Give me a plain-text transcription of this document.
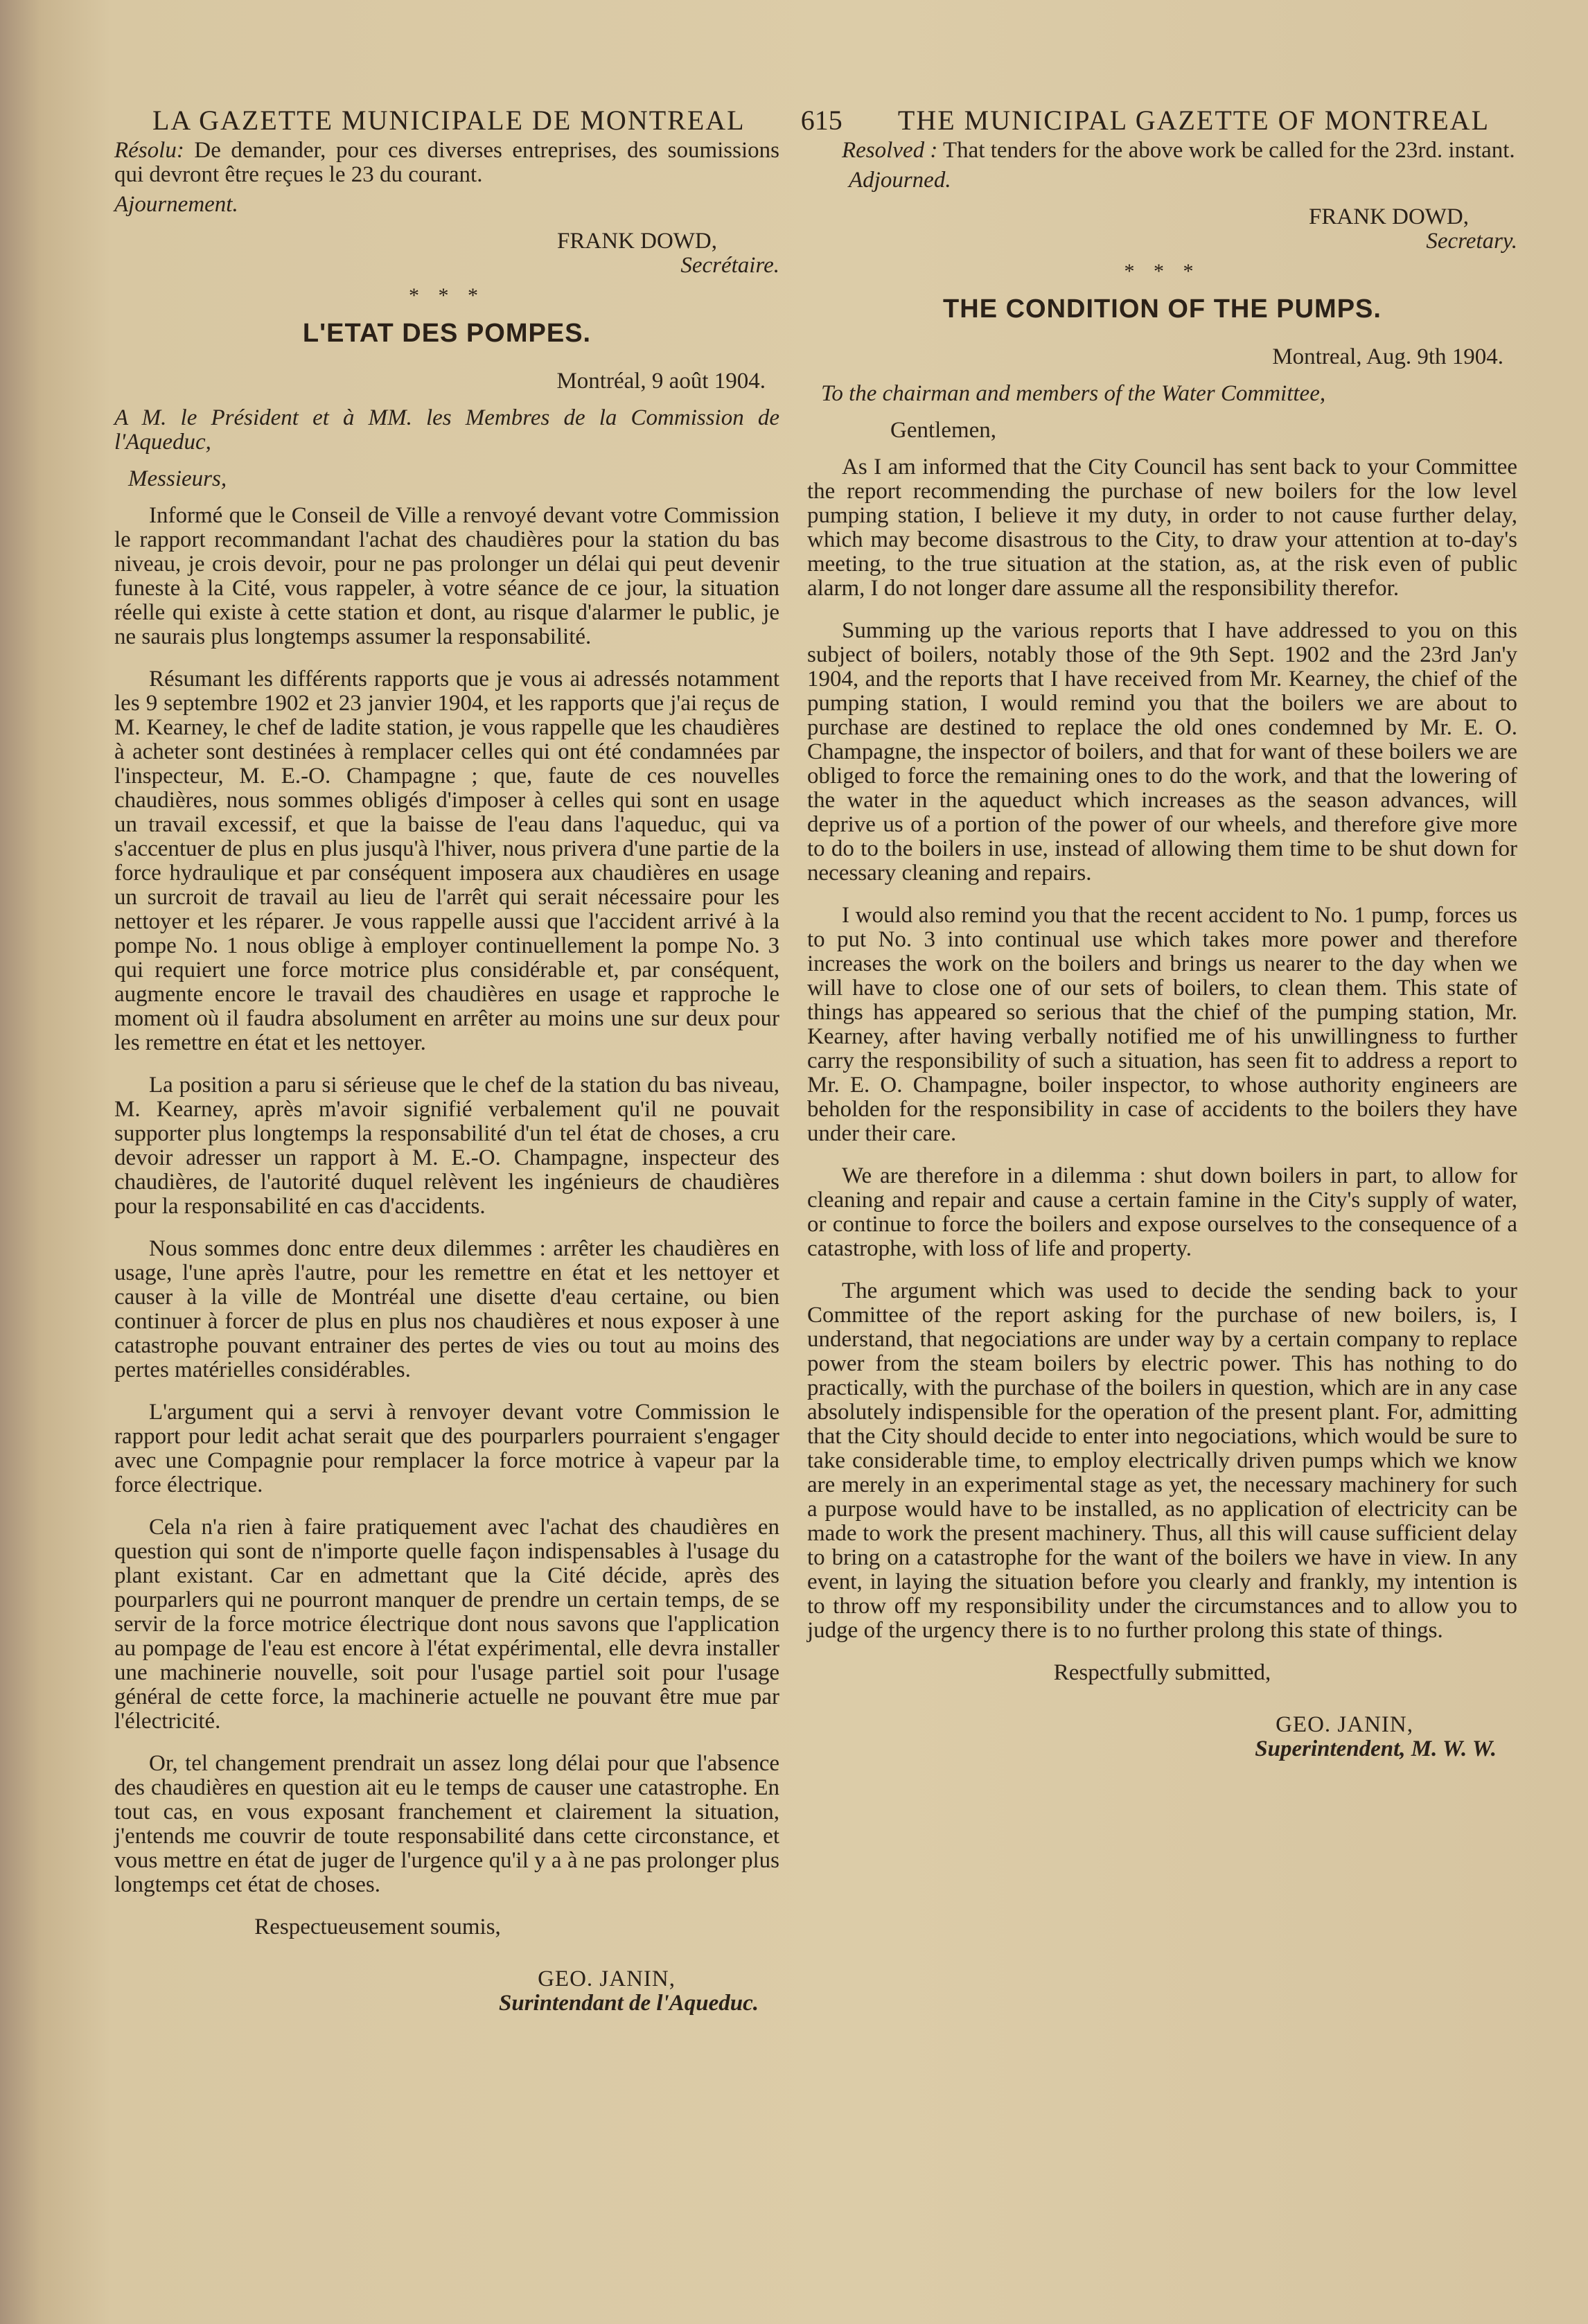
LA GAZETTE MUNICIPALE DE MONTREAL 615 THE MUNICIPAL GAZETTE OF MONTREAL

Résolu: De demander, pour ces diverses entreprises, des soumissions qui devront être reçues le 23 du courant.

Ajournement.
FRANK DOWD,
Secrétaire.
* * *
L'ETAT DES POMPES.
Montréal, 9 août 1904.
A M. le Président et à MM. les Membres de la Commission de l'Aqueduc,
Messieurs,

Informé que le Conseil de Ville a renvoyé devant votre Commission le rapport recommandant l'achat des chaudières pour la station du bas niveau, je crois devoir, pour ne pas prolonger un délai qui peut devenir funeste à la Cité, vous rappeler, à votre séance de ce jour, la situation réelle qui existe à cette station et dont, au risque d'alarmer le public, je ne saurais plus longtemps assumer la responsabilité.

Résumant les différents rapports que je vous ai adressés notamment les 9 septembre 1902 et 23 janvier 1904, et les rapports que j'ai reçus de M. Kearney, le chef de ladite station, je vous rappelle que les chaudières à acheter sont destinées à remplacer celles qui ont été condamnées par l'inspecteur, M. E.-O. Champagne ; que, faute de ces nouvelles chaudières, nous sommes obligés d'imposer à celles qui sont en usage un travail excessif, et que la baisse de l'eau dans l'aqueduc, qui va s'accentuer de plus en plus jusqu'à l'hiver, nous privera d'une partie de la force hydraulique et par conséquent imposera aux chaudières en usage un surcroit de travail au lieu de l'arrêt qui serait nécessaire pour les nettoyer et les réparer. Je vous rappelle aussi que l'accident arrivé à la pompe No. 1 nous oblige à employer continuellement la pompe No. 3 qui requiert une force motrice plus considérable et, par conséquent, augmente encore le travail des chaudières en usage et rapproche le moment où il faudra absolument en arrêter au moins une sur deux pour les remettre en état et les nettoyer.

La position a paru si sérieuse que le chef de la station du bas niveau, M. Kearney, après m'avoir signifié verbalement qu'il ne pouvait supporter plus longtemps la responsabilité d'un tel état de choses, a cru devoir adresser un rapport à M. E.-O. Champagne, inspecteur des chaudières, de l'autorité duquel relèvent les ingénieurs de chaudières pour la responsabilité en cas d'accidents.

Nous sommes donc entre deux dilemmes : arrêter les chaudières en usage, l'une après l'autre, pour les remettre en état et les nettoyer et causer à la ville de Montréal une disette d'eau certaine, ou bien continuer à forcer de plus en plus nos chaudières et nous exposer à une catastrophe pouvant entrainer des pertes de vies ou tout au moins des pertes matérielles considérables.

L'argument qui a servi à renvoyer devant votre Commission le rapport pour ledit achat serait que des pourparlers pourraient s'engager avec une Compagnie pour remplacer la force motrice à vapeur par la force électrique.

Cela n'a rien à faire pratiquement avec l'achat des chaudières en question qui sont de n'importe quelle façon indispensables à l'usage du plant existant. Car en admettant que la Cité décide, après des pourparlers qui ne pourront manquer de prendre un certain temps, de se servir de la force motrice électrique dont nous savons que l'application au pompage de l'eau est encore à l'état expérimental, elle devra installer une machinerie nouvelle, soit pour l'usage partiel soit pour l'usage général de cette force, la machinerie actuelle ne pouvant être mue par l'électricité.

Or, tel changement prendrait un assez long délai pour que l'absence des chaudières en question ait eu le temps de causer une catastrophe. En tout cas, en vous exposant franchement et clairement la situation, j'entends me couvrir de toute responsabilité dans cette circonstance, et vous mettre en état de juger de l'urgence qu'il y a à ne pas prolonger plus longtemps cet état de choses.

Respectueusement soumis,
GEO. JANIN,
Surintendant de l'Aqueduc.

Resolved : That tenders for the above work be called for the 23rd. instant.

Adjourned.
FRANK DOWD,
Secretary.
* * *
THE CONDITION OF THE PUMPS.
Montreal, Aug. 9th 1904.
To the chairman and members of the Water Committee,
Gentlemen,

As I am informed that the City Council has sent back to your Committee the report recommending the purchase of new boilers for the low level pumping station, I believe it my duty, in order to not cause further delay, which may become disastrous to the City, to draw your attention at to-day's meeting, to the true situation at the station, as, at the risk even of public alarm, I do not longer dare assume all the responsibility therefor.

Summing up the various reports that I have addressed to you on this subject of boilers, notably those of the 9th Sept. 1902 and the 23rd Jan'y 1904, and the reports that I have received from Mr. Kearney, the chief of the pumping station, I would remind you that the boilers we are about to purchase are destined to replace the old ones condemned by Mr. E. O. Champagne, the inspector of boilers, and that for want of these boilers we are obliged to force the remaining ones to do the work, and that the lowering of the water in the aqueduct which increases as the season advances, will deprive us of a portion of the power of our wheels, and therefore give more to do to the boilers in use, instead of allowing them time to be shut down for necessary cleaning and repairs.

I would also remind you that the recent accident to No. 1 pump, forces us to put No. 3 into continual use which takes more power and therefore increases the work on the boilers and brings us nearer to the day when we will have to close one of our sets of boilers, to clean them. This state of things has appeared so serious that the chief of the pumping station, Mr. Kearney, after having verbally notified me of his unwillingness to further carry the responsibility of such a situation, has seen fit to address a report to Mr. E. O. Champagne, boiler inspector, to whose authority engineers are beholden for the responsibility in case of accidents to the boilers they have under their care.

We are therefore in a dilemma : shut down boilers in part, to allow for cleaning and repair and cause a certain famine in the City's supply of water, or continue to force the boilers and expose ourselves to the consequence of a catastrophe, with loss of life and property.

The argument which was used to decide the sending back to your Committee of the report asking for the purchase of new boilers, is, I understand, that negociations are under way by a certain company to replace power from the steam boilers by electric power. This has nothing to do practically, with the purchase of the boilers in question, which are in any case absolutely indispensible for the operation of the present plant. For, admitting that the City should decide to enter into negociations, which would be sure to take considerable time, to employ electrically driven pumps which we know are merely in an experimental stage as yet, the necessary machinery for such a purpose would have to be installed, as no application of electricity can be made to work the present machinery. Thus, all this will cause sufficient delay to bring on a catastrophe for the want of the boilers we have in view. In any event, in laying the situation before you clearly and frankly, my intention is to throw off my responsibility under the circumstances and to allow you to judge of the urgency there is to no further prolong this state of things.

Respectfully submitted,
GEO. JANIN,
Superintendent, M. W. W.
